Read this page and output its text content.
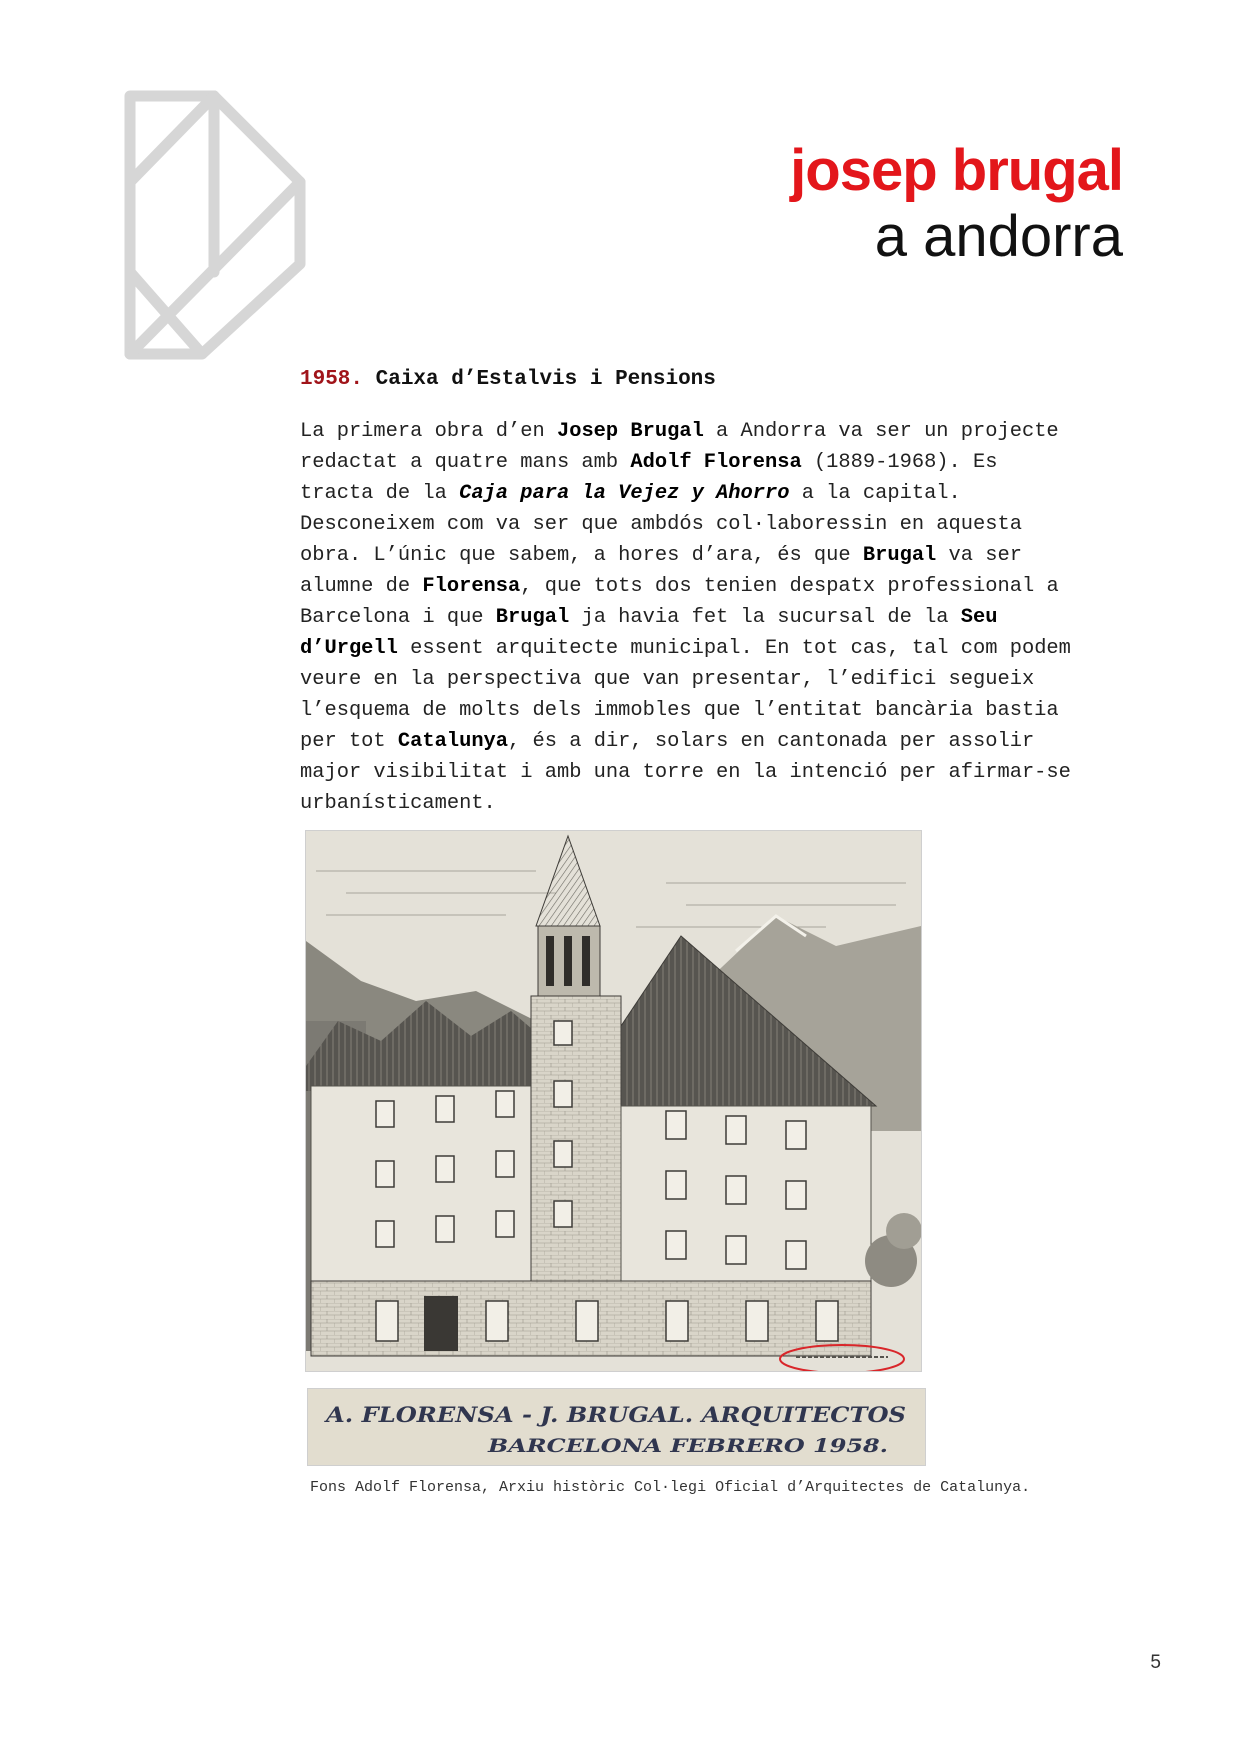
josep brugal
a andorra
1958. Caixa d’Estalvis i Pensions

La primera obra d’en Josep Brugal a Andorra va ser un projecte
redactat a quatre mans amb Adolf Florensa (1889-1968). Es
tracta de la Caja para la Vejez y Ahorro a la capital.
Desconeixem com va ser que ambdós col·laboressin en aquesta
obra. L’únic que sabem, a hores d’ara, és que Brugal va ser
alumne de Florensa, que tots dos tenien despatx professional a
Barcelona i que Brugal ja havia fet la sucursal de la Seu
d’Urgell essent arquitecte municipal. En tot cas, tal com podem
veure en la perspectiva que van presentar, l’edifici segueix
l’esquema de molts dels immobles que l’entitat bancària bastia
per tot Catalunya, és a dir, solars en cantonada per assolir
major visibilitat i amb una torre en la intenció per afirmar-se
urbanísticament.

A. FLORENSA - J. BRUGAL. ARQUITECTOS
BARCELONA FEBRERO 1958.

Fons Adolf Florensa, Arxiu històric Col·legi Oficial d’Arquitectes de Catalunya.

5
